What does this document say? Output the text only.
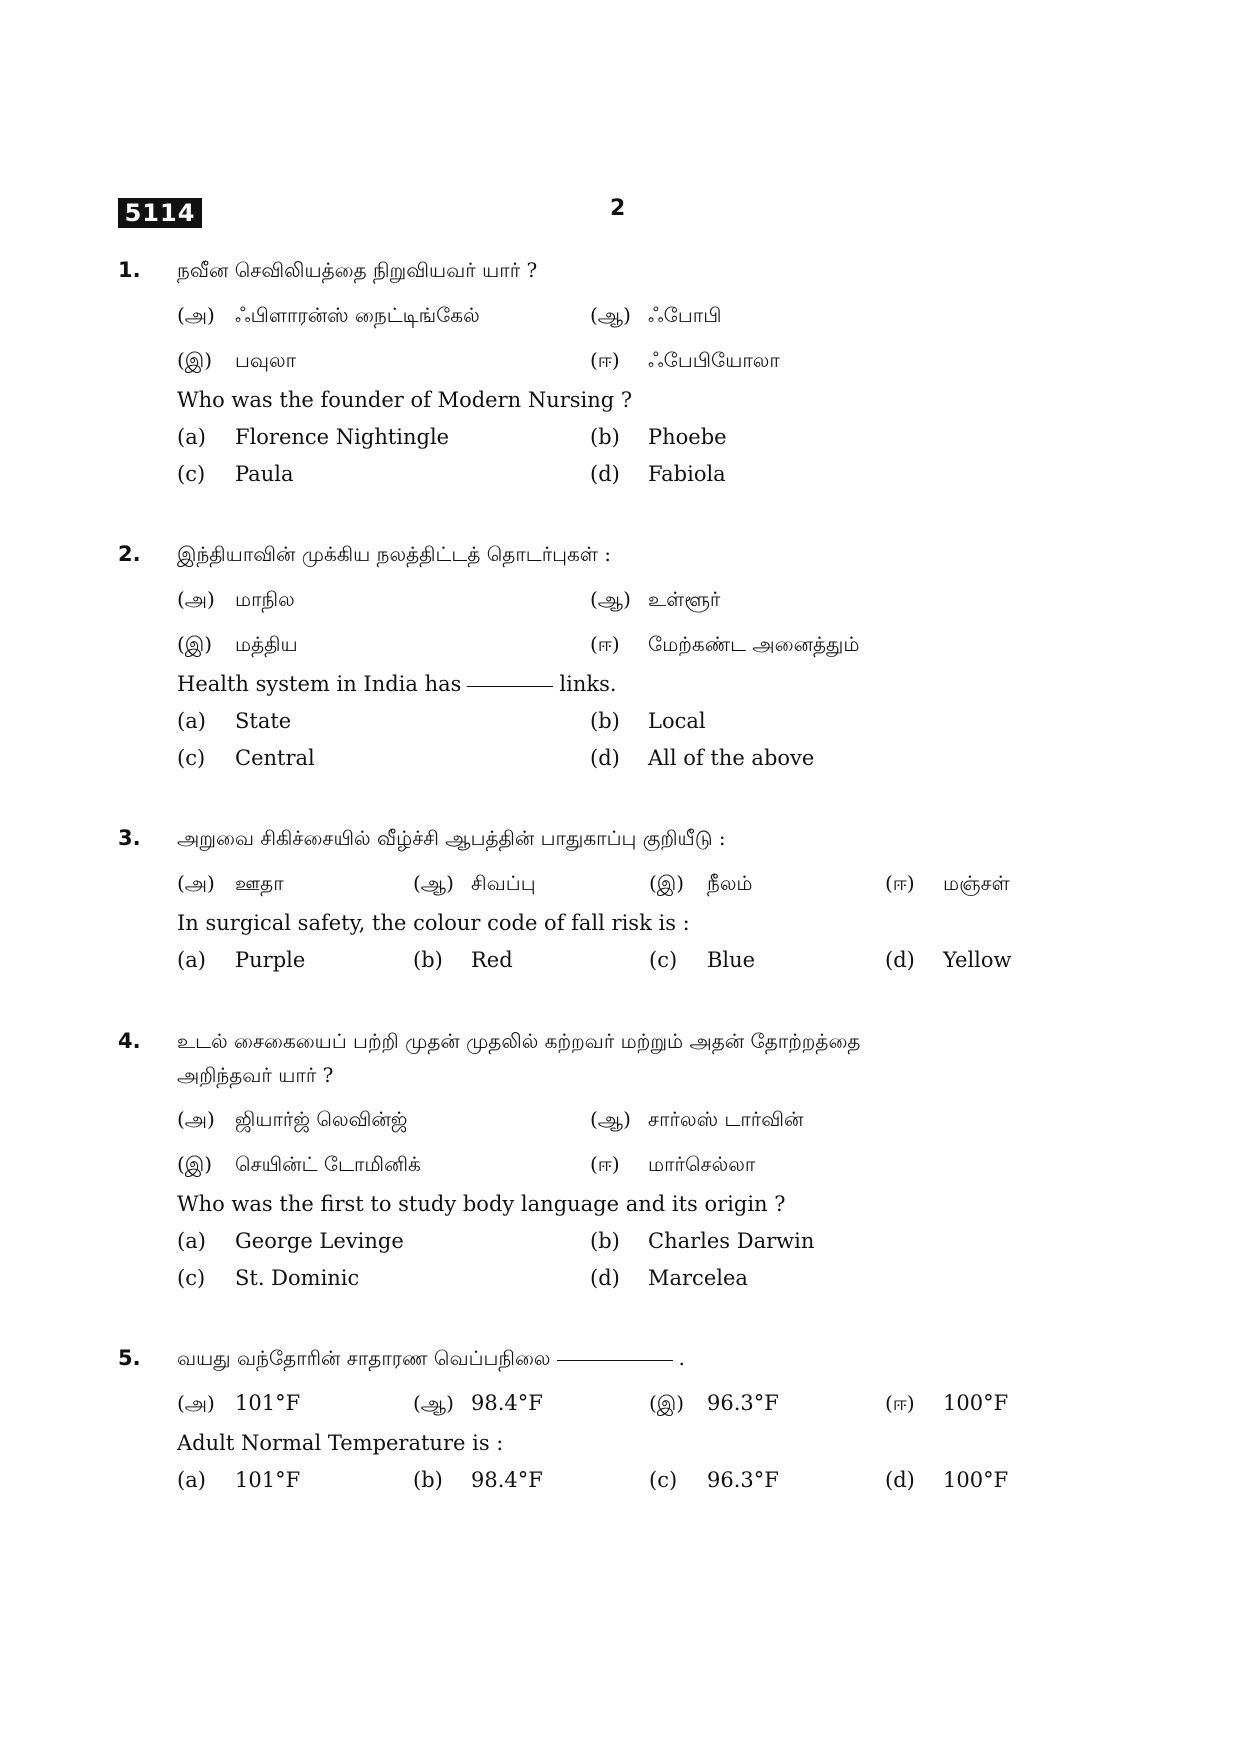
5114	2
1. நவீன செவிலியத்தை நிறுவியவர் யார் ?
(அ) ஃபிளாரன்ஸ் நைட்டிங்கேல்	(ஆ) ஃபோபி
(இ) பவுலா	(ஈ) ஃபேபியோலா
Who was the founder of Modern Nursing ?
(a) Florence Nightingle	(b) Phoebe
(c) Paula	(d) Fabiola
2. இந்தியாவின் முக்கிய நலத்திட்டத் தொடர்புகள் :
(அ) மாநில	(ஆ) உள்ளூர்
(இ) மத்திய	(ஈ) மேற்கண்ட அனைத்தும்
Health system in India has	links.
(a) State	(b) Local
(c) Central	(d) All of the above
3. அறுவை சிகிச்சையில் வீழ்ச்சி ஆபத்தின் பாதுகாப்பு குறியீடு :
(அ) ஊதா	(ஆ) சிவப்பு	(இ) நீலம்	(ஈ) மஞ்சள்
In surgical safety, the colour code of fall risk is :
(a) Purple	(b) Red	(c) Blue	(d) Yellow
4. உடல் சைகையைப் பற்றி முதன் முதலில் கற்றவர் மற்றும் அதன் தோற்றத்தை
அறிந்தவர் யார் ?
(அ) ஜியார்ஜ் லெவின்ஜ்	(ஆ) சார்லஸ் டார்வின்
(இ) செயின்ட் டோமினிக்	(ஈ) மார்செல்லா
Who was the first to study body language and its origin ?
(a) George Levinge	(b) Charles Darwin
(c) St. Dominic	(d) Marcelea
5. வயது வந்தோரின் சாதாரண வெப்பநிலை	.
(அ) 101°F	(ஆ) 98.4°F	(இ) 96.3°F	(ஈ) 100°F
Adult Normal Temperature is :
(a) 101°F	(b) 98.4°F	(c) 96.3°F	(d) 100°F
